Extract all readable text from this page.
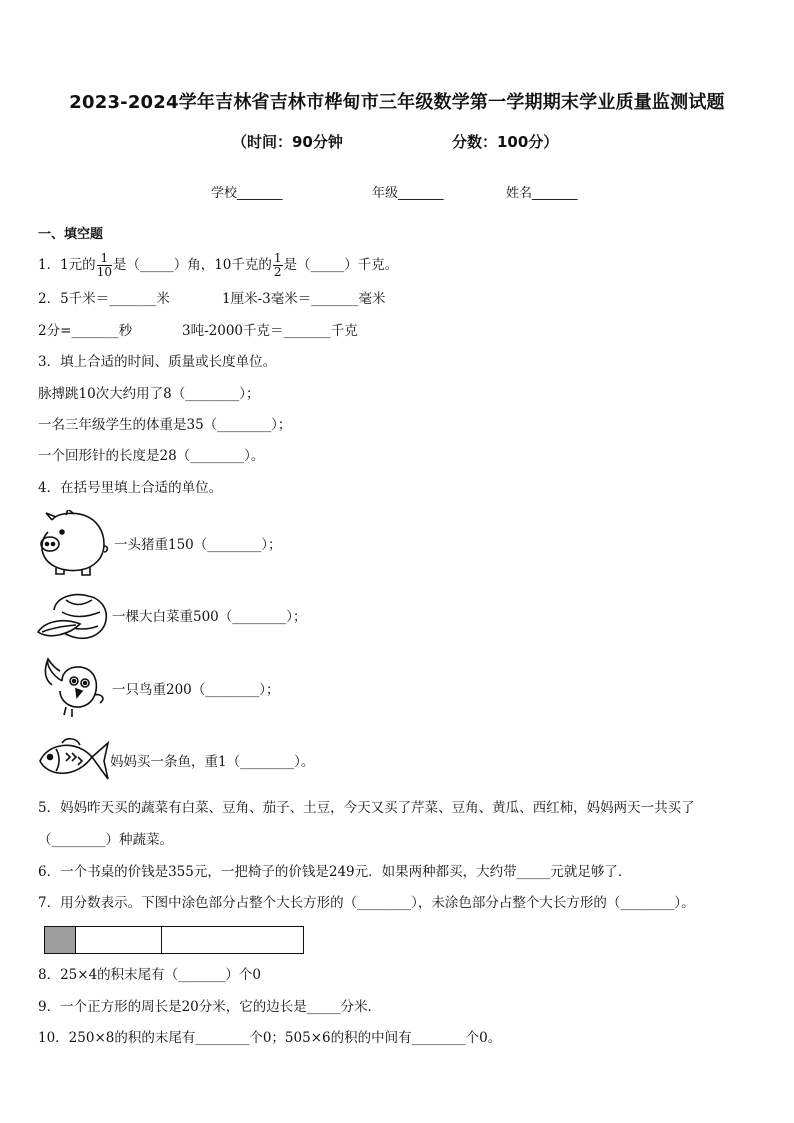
2023-2024学年吉林省吉林市桦甸市三年级数学第一学期期末学业质量监测试题
（时间：90分钟	分数：100分）
学校_______	年级_______	姓名_______
一、填空题
1．1元的 $\frac{1}{10}$ 是（_____）角，10千克的 $\frac{1}{2}$ 是（_____）千克。
2．5千米＝_______米	1厘米-3毫米＝_______毫米
2分=_______秒	3吨-2000千克＝_______千克
3．填上合适的时间、质量或长度单位。
脉搏跳10次大约用了8（________）；
一名三年级学生的体重是35（________）；
一个回形针的长度是28（________）。
4．在括号里填上合适的单位。
一头猪重150（________）；
一棵大白菜重500（________）；
一只鸟重200（________）；
妈妈买一条鱼，重1（________）。
5．妈妈昨天买的蔬菜有白菜、豆角、茄子、土豆，今天又买了芹菜、豆角、黄瓜、西红柿，妈妈两天一共买了
（________）种蔬菜。
6．一个书桌的价钱是355元，一把椅子的价钱是249元．如果两种都买，大约带_____元就足够了．
7．用分数表示。下图中涂色部分占整个大长方形的（________），未涂色部分占整个大长方形的（________）。
8．25×4的积末尾有（_______）个0
9．一个正方形的周长是20分米，它的边长是_____分米．
10．250×8的积的末尾有________个0；505×6的积的中间有________个0。
